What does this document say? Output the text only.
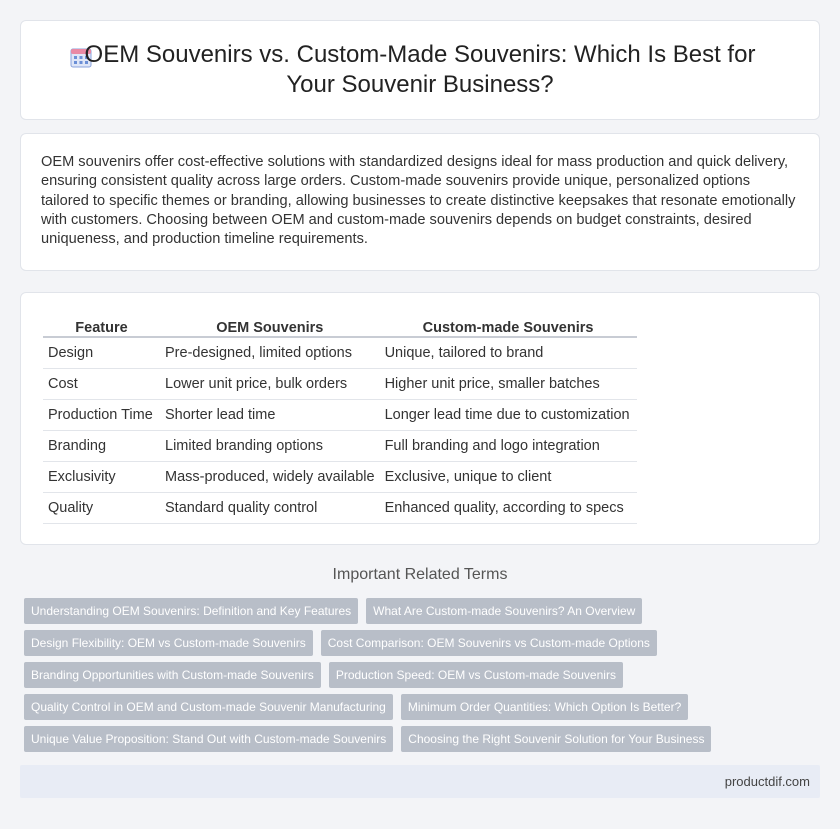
OEM Souvenirs vs. Custom-Made Souvenirs: Which Is Best for Your Souvenir Business?

OEM souvenirs offer cost-effective solutions with standardized designs ideal for mass production and quick delivery, ensuring consistent quality across large orders. Custom-made souvenirs provide unique, personalized options tailored to specific themes or branding, allowing businesses to create distinctive keepsakes that resonate emotionally with customers. Choosing between OEM and custom-made souvenirs depends on budget constraints, desired uniqueness, and production timeline requirements.

Feature	OEM Souvenirs	Custom-made Souvenirs
Design	Pre-designed, limited options	Unique, tailored to brand
Cost	Lower unit price, bulk orders	Higher unit price, smaller batches
Production Time	Shorter lead time	Longer lead time due to customization
Branding	Limited branding options	Full branding and logo integration
Exclusivity	Mass-produced, widely available	Exclusive, unique to client
Quality	Standard quality control	Enhanced quality, according to specs
Important Related Terms
Understanding OEM Souvenirs: Definition and Key Features	What Are Custom-made Souvenirs? An Overview
Design Flexibility: OEM vs Custom-made Souvenirs	Cost Comparison: OEM Souvenirs vs Custom-made Options
Branding Opportunities with Custom-made Souvenirs	Production Speed: OEM vs Custom-made Souvenirs
Quality Control in OEM and Custom-made Souvenir Manufacturing	Minimum Order Quantities: Which Option Is Better?
Unique Value Proposition: Stand Out with Custom-made Souvenirs	Choosing the Right Souvenir Solution for Your Business
productdif.com
